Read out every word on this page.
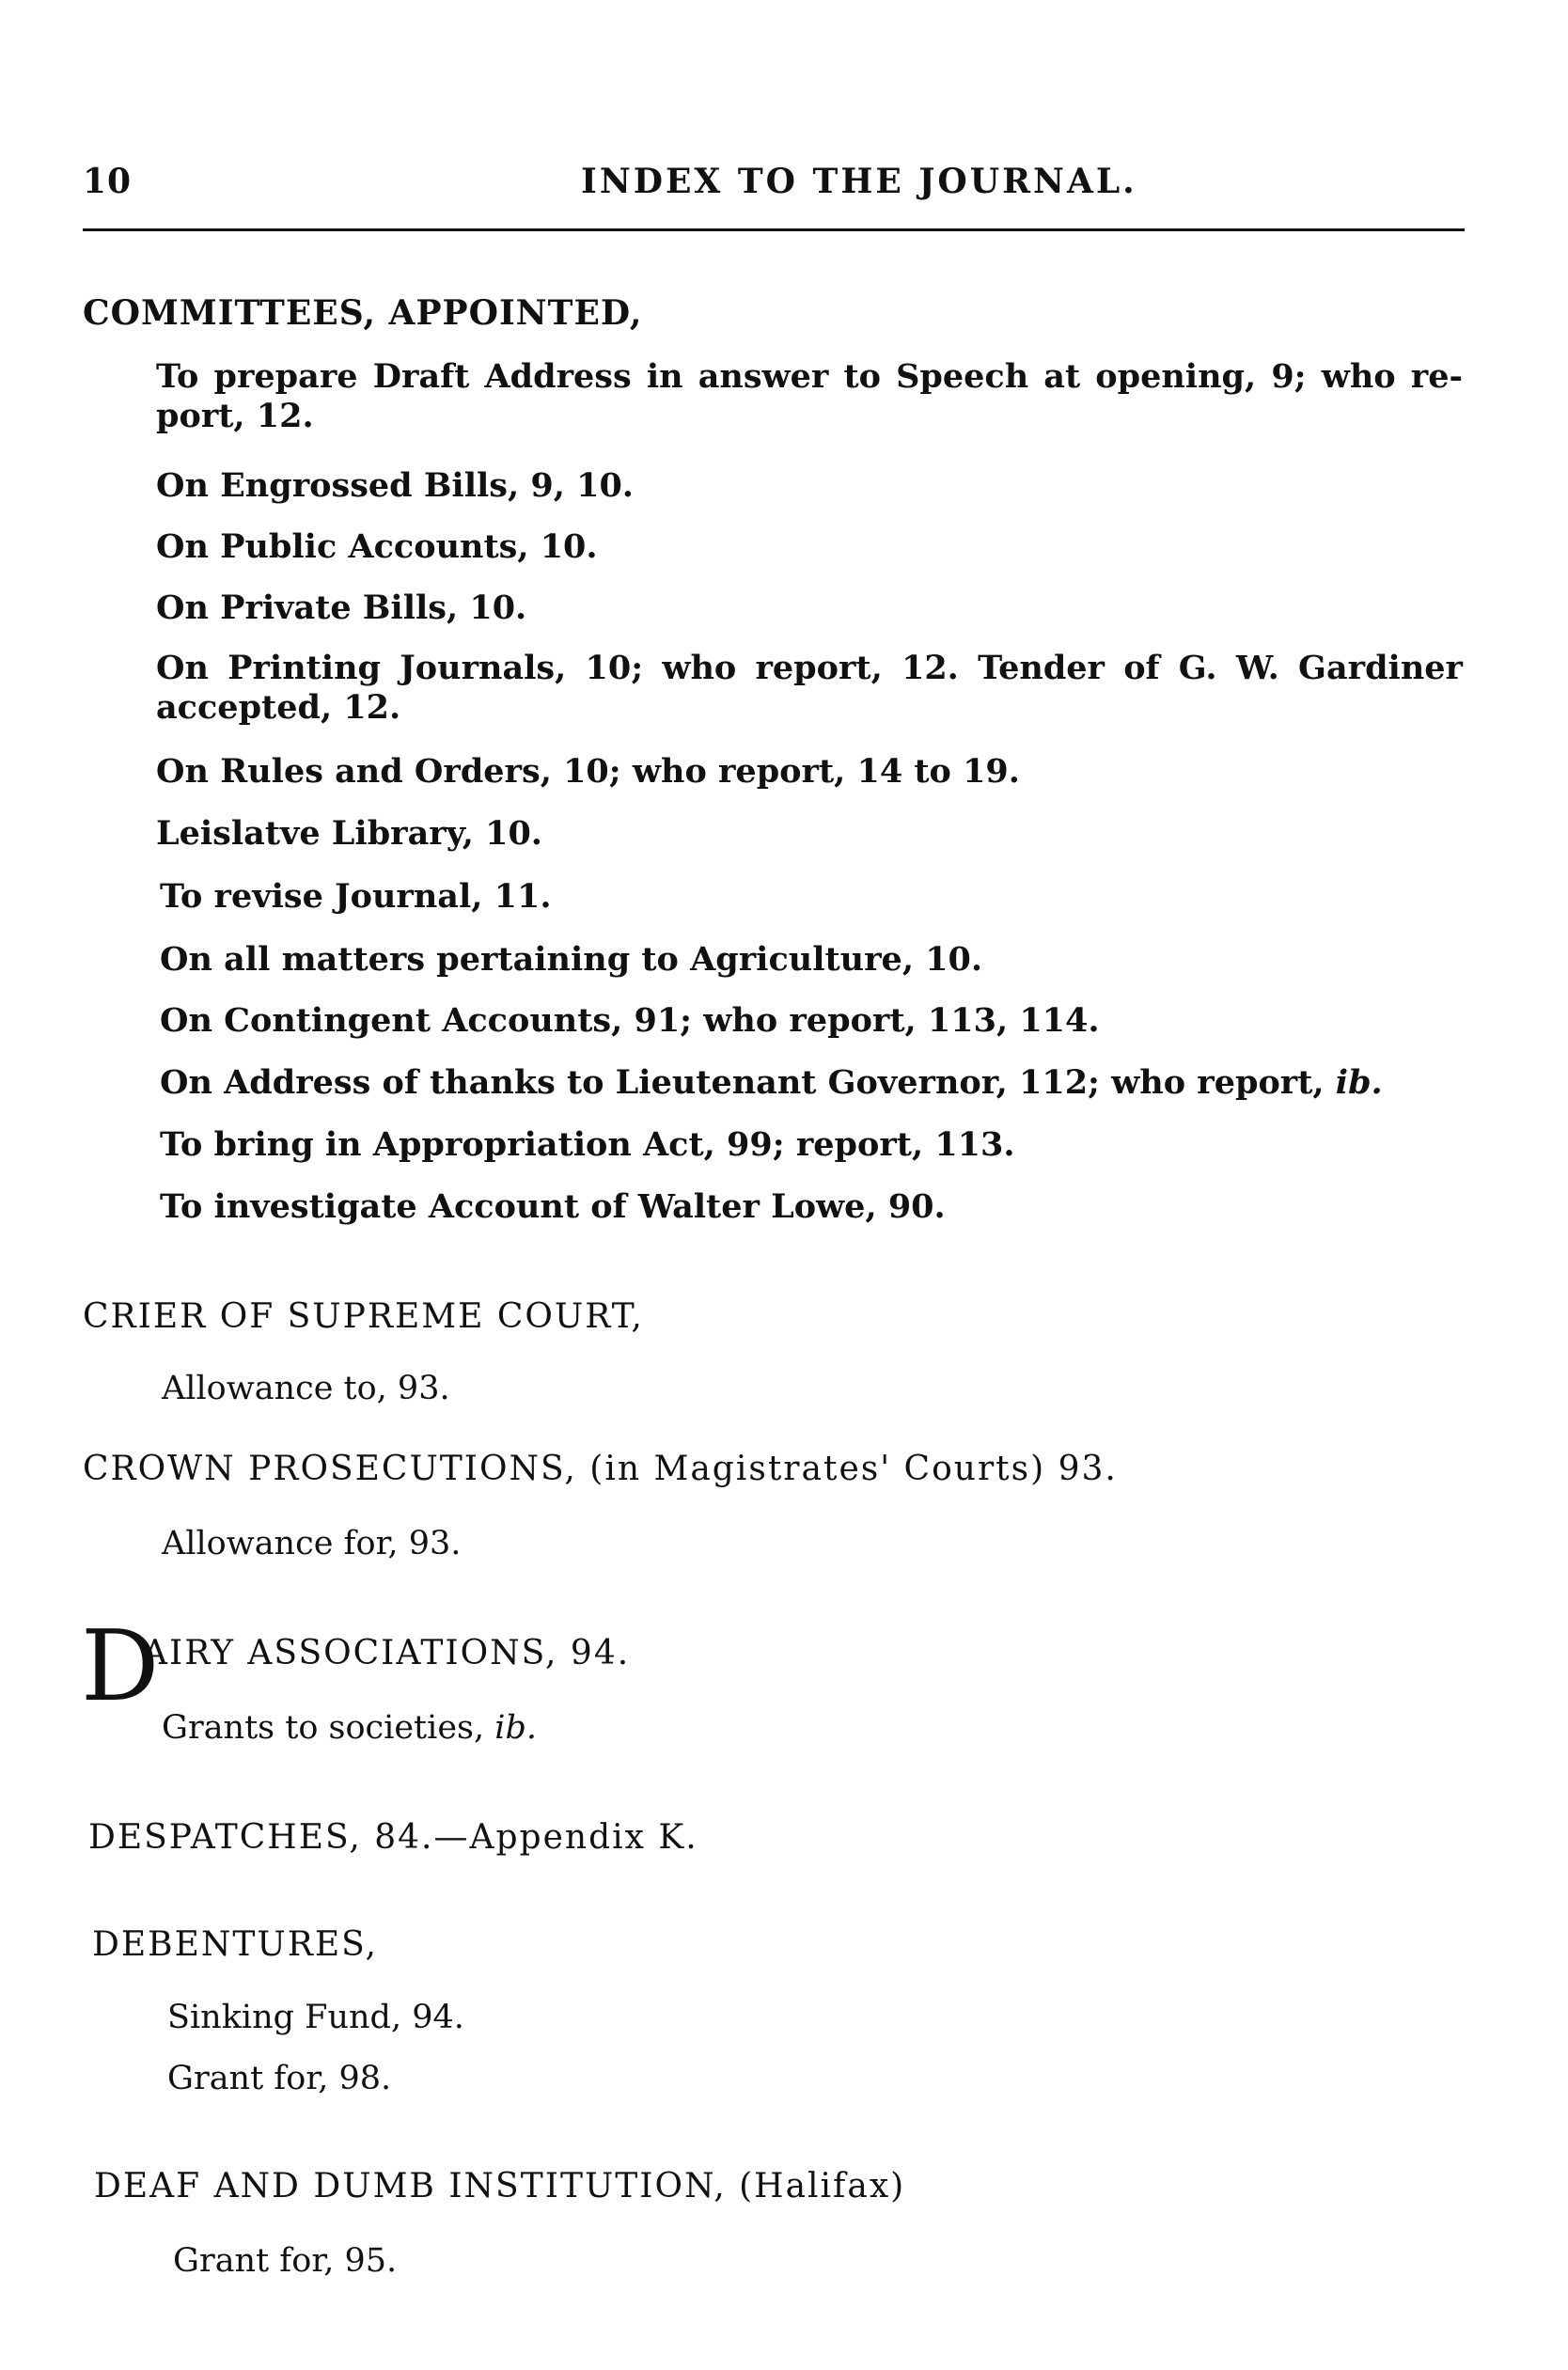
10	INDEX TO THE JOURNAL.
COMMITTEES, APPOINTED,
To prepare Draft Address in answer to Speech at opening, 9; who re- port, 12.
On Engrossed Bills, 9, 10.
On Public Accounts, 10.
On Private Bills, 10.
On Printing Journals, 10; who report, 12. Tender of G. W. Gardiner accepted, 12.
On Rules and Orders, 10; who report, 14 to 19.
Leislatve Library, 10.
To revise Journal, 11.
On all matters pertaining to Agriculture, 10.
On Contingent Accounts, 91; who report, 113, 114.
On Address of thanks to Lieutenant Governor, 112; who report, ib.
To bring in Appropriation Act, 99; report, 113.
To investigate Account of Walter Lowe, 90.
CRIER OF SUPREME COURT,
Allowance to, 93.
CROWN PROSECUTIONS, (in Magistrates' Courts) 93.
Allowance for, 93.
D
AIRY ASSOCIATIONS, 94.
Grants to societies, ib.
DESPATCHES, 84.—Appendix K.
DEBENTURES,
Sinking Fund, 94.
Grant for, 98.
DEAF AND DUMB INSTITUTION, (Halifax)
Grant for, 95.
